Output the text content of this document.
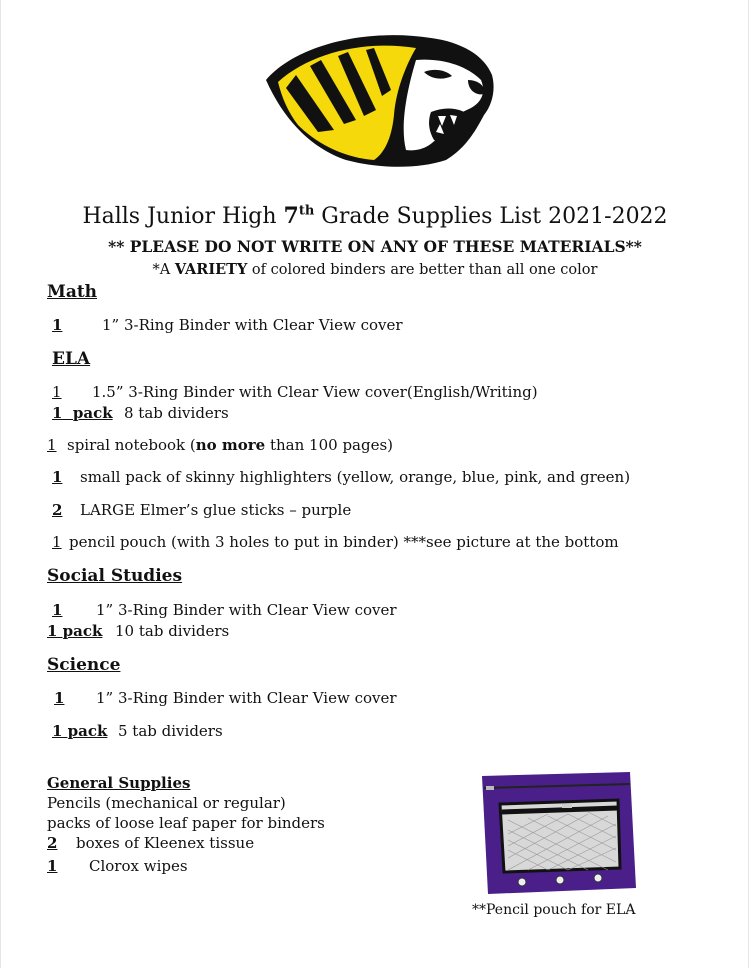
Halls Junior High 7th Grade Supplies List 2021-2022
** PLEASE DO NOT WRITE ON ANY OF THESE MATERIALS**
*A VARIETY of colored binders are better than all one color
Math
1	1” 3-Ring Binder with Clear View cover
ELA
1 1.5” 3-Ring Binder with Clear View cover(English/Writing)
1  pack 8 tab dividers
1 spiral notebook (no more than 100 pages)
1 small pack of skinny highlighters (yellow, orange, blue, pink, and green)
2 LARGE Elmer’s glue sticks – purple
1 pencil pouch (with 3 holes to put in binder) ***see picture at the bottom
Social Studies
1 1” 3-Ring Binder with Clear View cover
1 pack 10 tab dividers
Science
1 1” 3-Ring Binder with Clear View cover
1 pack 5 tab dividers
General Supplies
Pencils (mechanical or regular)
packs of loose leaf paper for binders
2 boxes of Kleenex tissue
1 Clorox wipes
**Pencil pouch for ELA
